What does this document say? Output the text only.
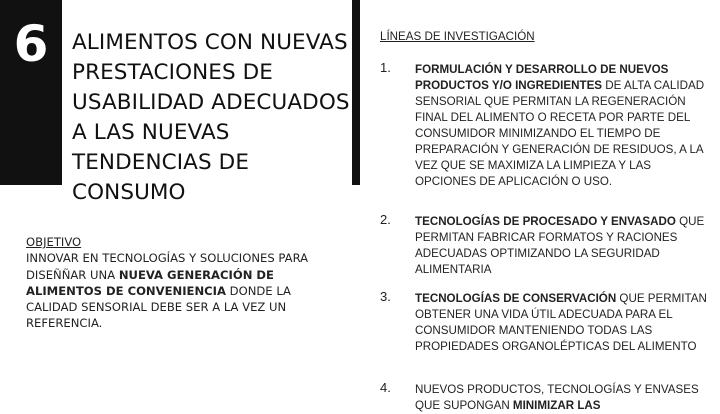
6	ALIMENTOS CON NUEVAS PRESTACIONES DE USABILIDAD ADECUADOS A LAS NUEVAS TENDENCIAS DE CONSUMO
OBJETIVO
INNOVAR EN TECNOLOGÍAS Y SOLUCIONES PARA DISEÑÑAR UNA NUEVA GENERACIÓN DE ALIMENTOS DE CONVENIENCIA DONDE LA CALIDAD SENSORIAL DEBE SER A LA VEZ UN REFERENCIA.
LÍNEAS DE INVESTIGACIÓN
1. FORMULACIÓN Y DESARROLLO DE NUEVOS PRODUCTOS Y/O INGREDIENTES DE ALTA CALIDAD SENSORIAL QUE PERMITAN LA REGENERACIÓN FINAL DEL ALIMENTO O RECETA POR PARTE DEL CONSUMIDOR MINIMIZANDO EL TIEMPO DE PREPARACIÓN Y GENERACIÓN DE RESIDUOS, A LA VEZ QUE SE MAXIMIZA LA LIMPIEZA Y LAS OPCIONES DE APLICACIÓN O USO.
2. TECNOLOGÍAS DE PROCESADO Y ENVASADO QUE PERMITAN FABRICAR FORMATOS Y RACIONES ADECUADAS OPTIMIZANDO LA SEGURIDAD ALIMENTARIA
3. TECNOLOGÍAS DE CONSERVACIÓN QUE PERMITAN OBTENER UNA VIDA ÚTIL ADECUADA PARA EL CONSUMIDOR MANTENIENDO TODAS LAS PROPIEDADES ORGANOLÉPTICAS DEL ALIMENTO
4. NUEVOS PRODUCTOS, TECNOLOGÍAS Y ENVASES QUE SUPONGAN MINIMIZAR LAS
